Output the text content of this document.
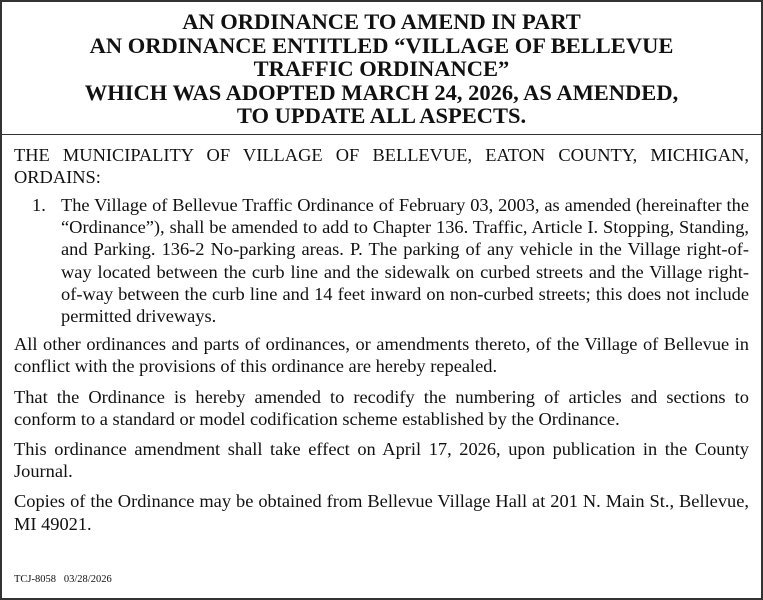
AN ORDINANCE TO AMEND IN PART
AN ORDINANCE ENTITLED “VILLAGE OF BELLEVUE
TRAFFIC ORDINANCE”
WHICH WAS ADOPTED MARCH 24, 2026, AS AMENDED,
TO UPDATE ALL ASPECTS.

THE MUNICIPALITY OF VILLAGE OF BELLEVUE, EATON COUNTY, MICHIGAN, ORDAINS:

1. The Village of Bellevue Traffic Ordinance of February 03, 2003, as amended (hereinafter the “Ordinance”), shall be amended to add to Chapter 136. Traffic, Article I. Stopping, Standing, and Parking. 136-2 No-parking areas. P. The parking of any vehicle in the Village right-of-way located between the curb line and the sidewalk on curbed streets and the Village right-of-way between the curb line and 14 feet inward on non-curbed streets; this does not include permitted driveways.

All other ordinances and parts of ordinances, or amendments thereto, of the Village of Bellevue in conflict with the provisions of this ordinance are hereby repealed.

That the Ordinance is hereby amended to recodify the numbering of articles and sections to conform to a standard or model codification scheme established by the Ordinance.

This ordinance amendment shall take effect on April 17, 2026, upon publication in the County Journal.

Copies of the Ordinance may be obtained from Bellevue Village Hall at 201 N. Main St., Bellevue, MI 49021.

TCJ-8058   03/28/2026
